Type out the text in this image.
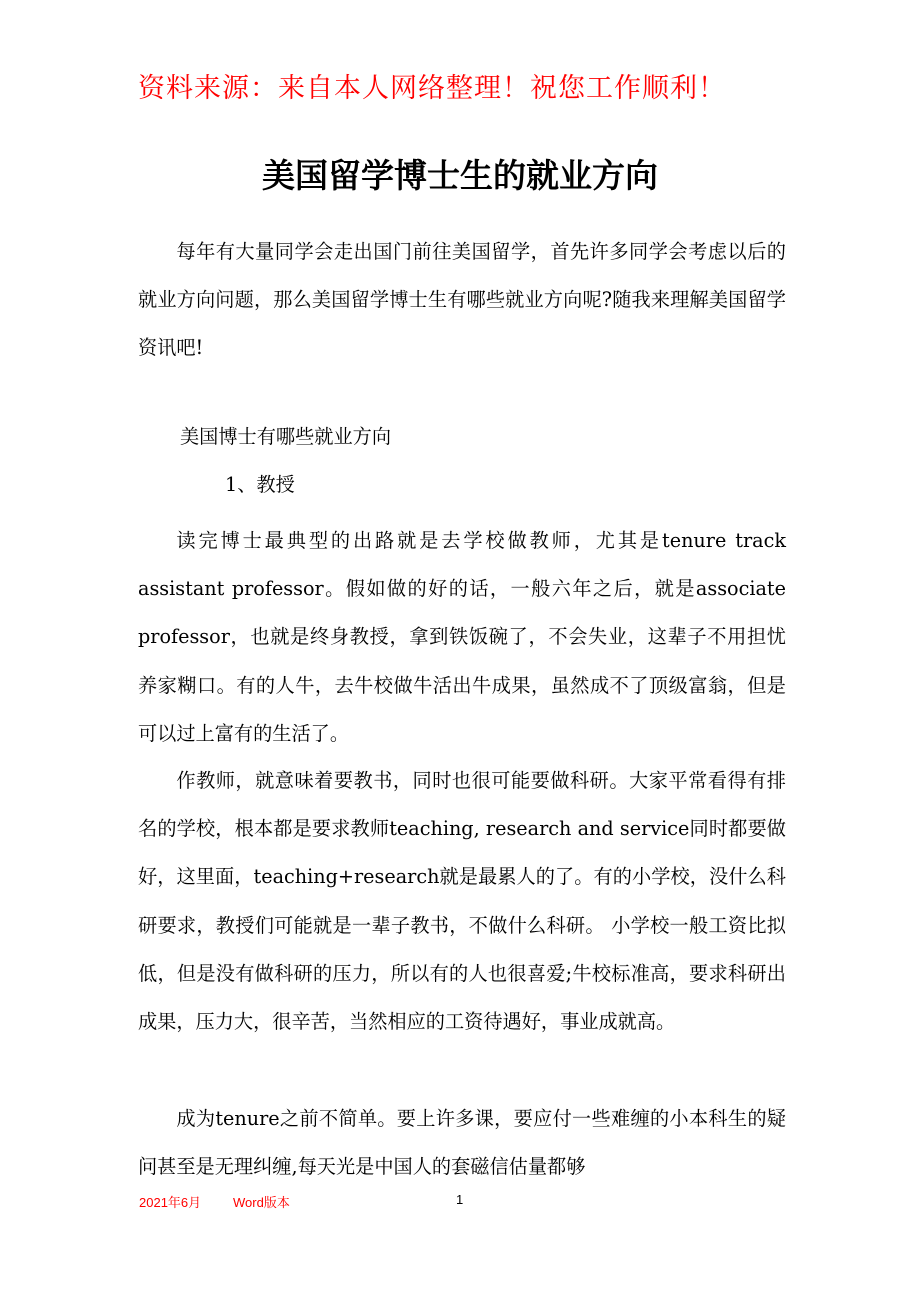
资料来源：来自本人网络整理！祝您工作顺利！
美国留学博士生的就业方向

每年有大量同学会走出国门前往美国留学，首先许多同学会考虑以后的就业方向问题，那么美国留学博士生有哪些就业方向呢?随我来理解美国留学资讯吧!

美国博士有哪些就业方向
1、教授

读完博士最典型的出路就是去学校做教师，尤其是tenure track assistant professor。假如做的好的话，一般六年之后，就是associate professor，也就是终身教授，拿到铁饭碗了，不会失业，这辈子不用担忧养家糊口。有的人牛，去牛校做牛活出牛成果，虽然成不了顶级富翁，但是可以过上富有的生活了。

作教师，就意味着要教书，同时也很可能要做科研。大家平常看得有排名的学校，根本都是要求教师teaching, research and service同时都要做好，这里面，teaching+research就是最累人的了。有的小学校，没什么科研要求，教授们可能就是一辈子教书，不做什么科研。 小学校一般工资比拟低，但是没有做科研的压力，所以有的人也很喜爱;牛校标准高，要求科研出成果，压力大，很辛苦，当然相应的工资待遇好，事业成就高。

成为tenure之前不简单。要上许多课，要应付一些难缠的小本科生的疑问甚至是无理纠缠,每天光是中国人的套磁信估量都够

2021年6月 Word版本	1
